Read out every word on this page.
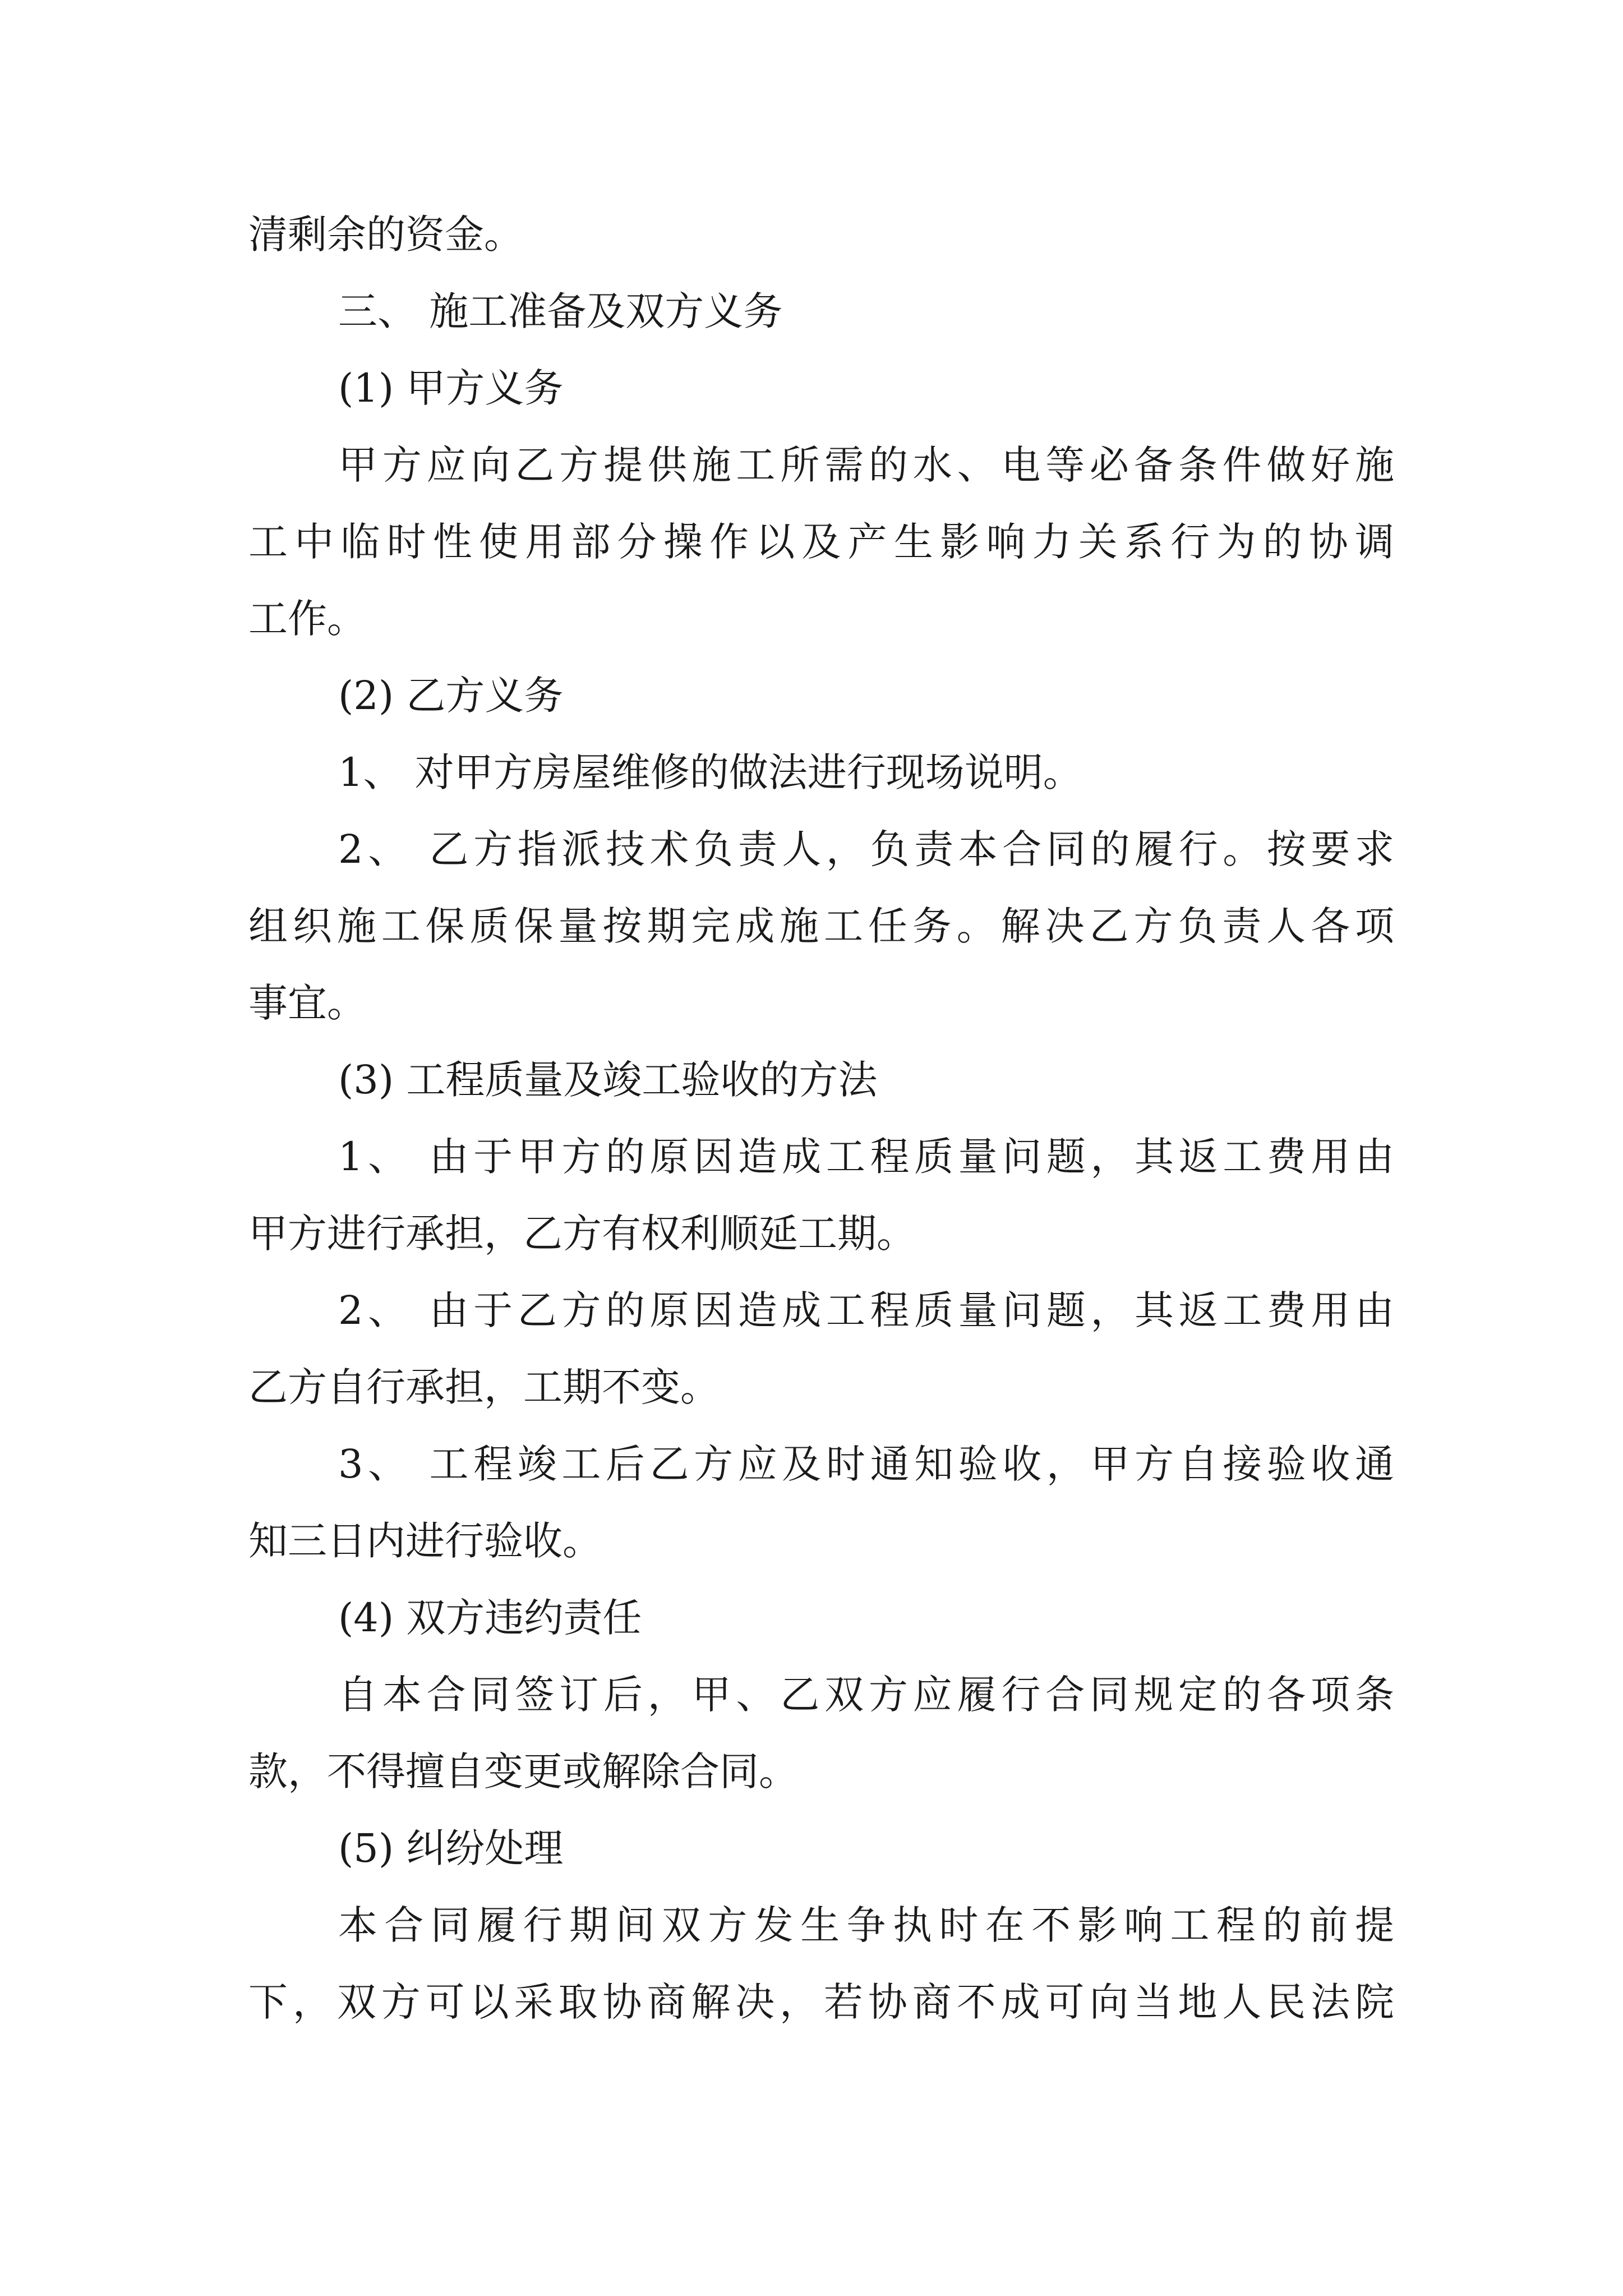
清剩余的资金。
三、 施工准备及双方义务
(1) 甲方义务
甲方应向乙方提供施工所需的水、电等必备条件做好施
工中临时性使用部分操作以及产生影响力关系行为的协调
工作。
(2) 乙方义务
1、 对甲方房屋维修的做法进行现场说明。
2、 乙方指派技术负责人，负责本合同的履行。按要求
组织施工保质保量按期完成施工任务。解决乙方负责人各项
事宜。
(3) 工程质量及竣工验收的方法
1、 由于甲方的原因造成工程质量问题，其返工费用由
甲方进行承担，乙方有权利顺延工期。
2、 由于乙方的原因造成工程质量问题，其返工费用由
乙方自行承担，工期不变。
3、 工程竣工后乙方应及时通知验收，甲方自接验收通
知三日内进行验收。
(4) 双方违约责任
自本合同签订后，甲、乙双方应履行合同规定的各项条
款，不得擅自变更或解除合同。
(5) 纠纷处理
本合同履行期间双方发生争执时在不影响工程的前提
下，双方可以采取协商解决，若协商不成可向当地人民法院
